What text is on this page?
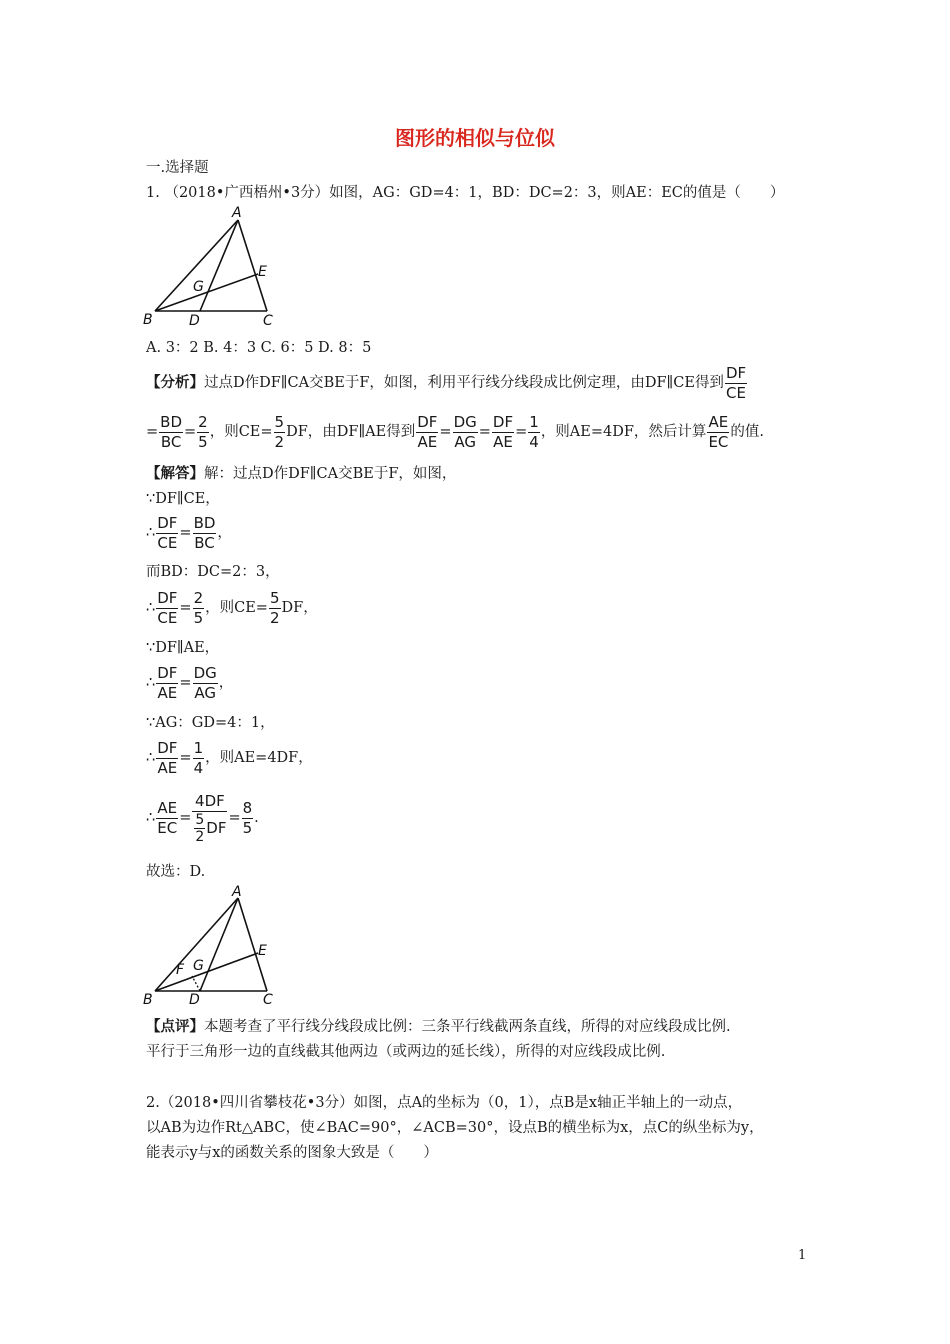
图形的相似与位似
一.选择题
1. （2018•广西梧州•3分）如图，AG：GD=4：1，BD：DC=2：3，则AE：EC的值是（　　）
A
B	C
D
E
G
A. 3：2 B. 4：3 C. 6：5 D. 8：5
【分析】过点D作DF∥CA交BE于F，如图，利用平行线分线段成比例定理，由DF∥CE得到 $\frac{DF}{CE}$
= $\frac{BD}{BC} = \frac{2}{5}$ ，则$CE= \frac{5}{2}$ DF，由DF∥AE得到 $\frac{DF}{AE} = \frac{DG}{AG} = \frac{DF}{AE} = \frac{1}{4}$ ，则AE=4DF，然后计算 $\frac{AE}{EC}$ 的值.
【解答】解：过点D作DF∥CA交BE于F，如图，
∵DF∥CE，
∴ $\frac{DF}{CE} = \frac{BD}{BC}$ ，
而BD：DC=2：3，
∴ $\frac{DF}{CE} = \frac{2}{5}$ ，则$CE= \frac{5}{2}$ DF，
∵DF∥AE，
∴ $\frac{DF}{AE} = \frac{DG}{AG}$ ，
∵AG：GD=4：1，
∴ $\frac{DF}{AE} = \frac{1}{4}$ ，则AE=4DF，
∴ $\frac{AE}{EC} = \frac{4DF}{\frac{5}{2} DF} = \frac{8}{5}$ .
故选：D.
A
B	C
D
E
G
F
【点评】本题考查了平行线分线段成比例：三条平行线截两条直线，所得的对应线段成比例.
平行于三角形一边的直线截其他两边（或两边的延长线），所得的对应线段成比例.
2.（2018•四川省攀枝花•3分）如图，点A的坐标为（0，1），点B是x轴正半轴上的一动点，
以AB为边作Rt△ABC，使∠BAC=90°，∠ACB=30°，设点B的横坐标为x，点C的纵坐标为y，
能表示y与x的函数关系的图象大致是（　　）
1
